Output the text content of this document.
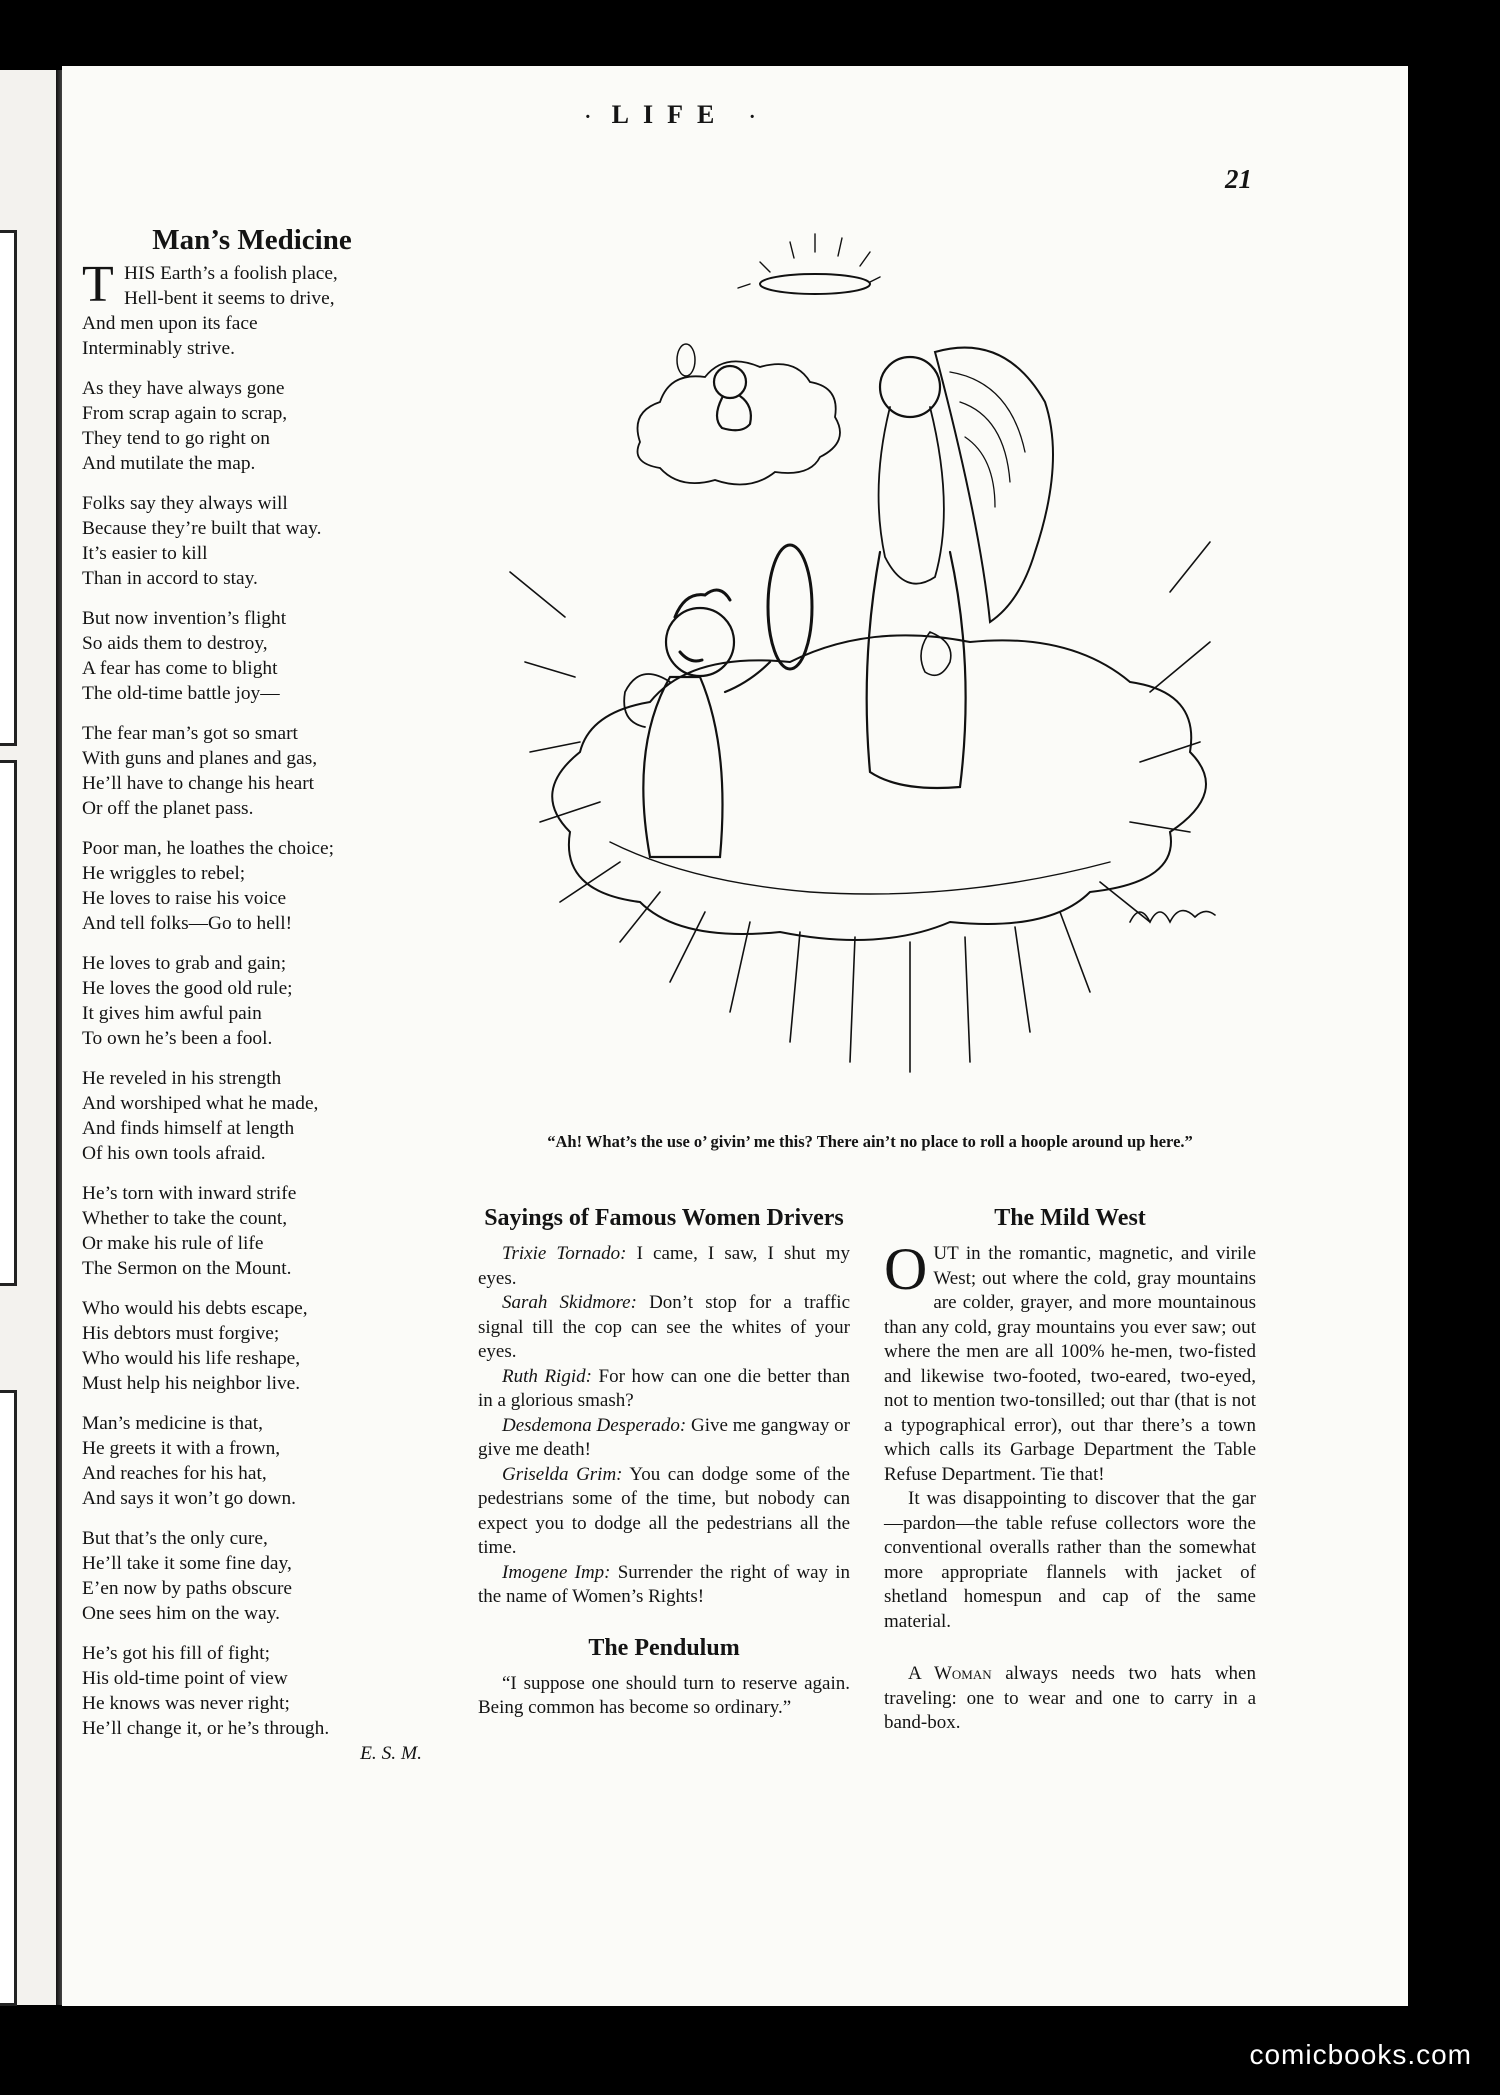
· LIFE ·
21
Man’s Medicine
T HIS Earth’s a foolish place,
Hell-bent it seems to drive,
And men upon its face
Interminably strive.
As they have always gone
From scrap again to scrap,
They tend to go right on
And mutilate the map.
Folks say they always will
Because they’re built that way.
It’s easier to kill
Than in accord to stay.
But now invention’s flight
So aids them to destroy,
A fear has come to blight
The old-time battle joy—
The fear man’s got so smart
With guns and planes and gas,
He’ll have to change his heart
Or off the planet pass.
Poor man, he loathes the choice;
He wriggles to rebel;
He loves to raise his voice
And tell folks—Go to hell!
He loves to grab and gain;
He loves the good old rule;
It gives him awful pain
To own he’s been a fool.
He reveled in his strength
And worshiped what he made,
And finds himself at length
Of his own tools afraid.
He’s torn with inward strife
Whether to take the count,
Or make his rule of life
The Sermon on the Mount.
Who would his debts escape,
His debtors must forgive;
Who would his life reshape,
Must help his neighbor live.
Man’s medicine is that,
He greets it with a frown,
And reaches for his hat,
And says it won’t go down.
But that’s the only cure,
He’ll take it some fine day,
E’en now by paths obscure
One sees him on the way.
He’s got his fill of fight;
His old-time point of view
He knows was never right;
He’ll change it, or he’s through.
E. S. M.
“Ah! What’s the use o’ givin’ me this? There ain’t no place to roll a hoople around up here.”
Sayings of Famous Women Drivers

Trixie Tornado: I came, I saw, I shut my eyes.

Sarah Skidmore: Don’t stop for a traffic signal till the cop can see the whites of your eyes.

Ruth Rigid: For how can one die better than in a glorious smash?

Desdemona Desperado: Give me gangway or give me death!

Griselda Grim: You can dodge some of the pedestrians some of the time, but nobody can expect you to dodge all the pedestrians all the time.

Imogene Imp: Surrender the right of way in the name of Women’s Rights!

The Pendulum

“I suppose one should turn to reserve again. Being common has become so ordinary.”

The Mild West
O UT in the romantic, magnetic, and virile West; out where the cold, gray mountains are colder, grayer, and more mountainous than any cold, gray mountains you ever saw; out where the men are all 100% he-men, two-fisted and likewise two-footed, two-eared, two-eyed, not to mention two-tonsilled; out thar (that is not a typographical error), out thar there’s a town which calls its Garbage Department the Table Refuse Department. Tie that!

It was disappointing to discover that the gar—pardon—the table refuse collectors wore the conventional overalls rather than the somewhat more appropriate flannels with jacket of shetland homespun and cap of the same material.

A Woman always needs two hats when traveling: one to wear and one to carry in a band-box.

comicbooks.com
